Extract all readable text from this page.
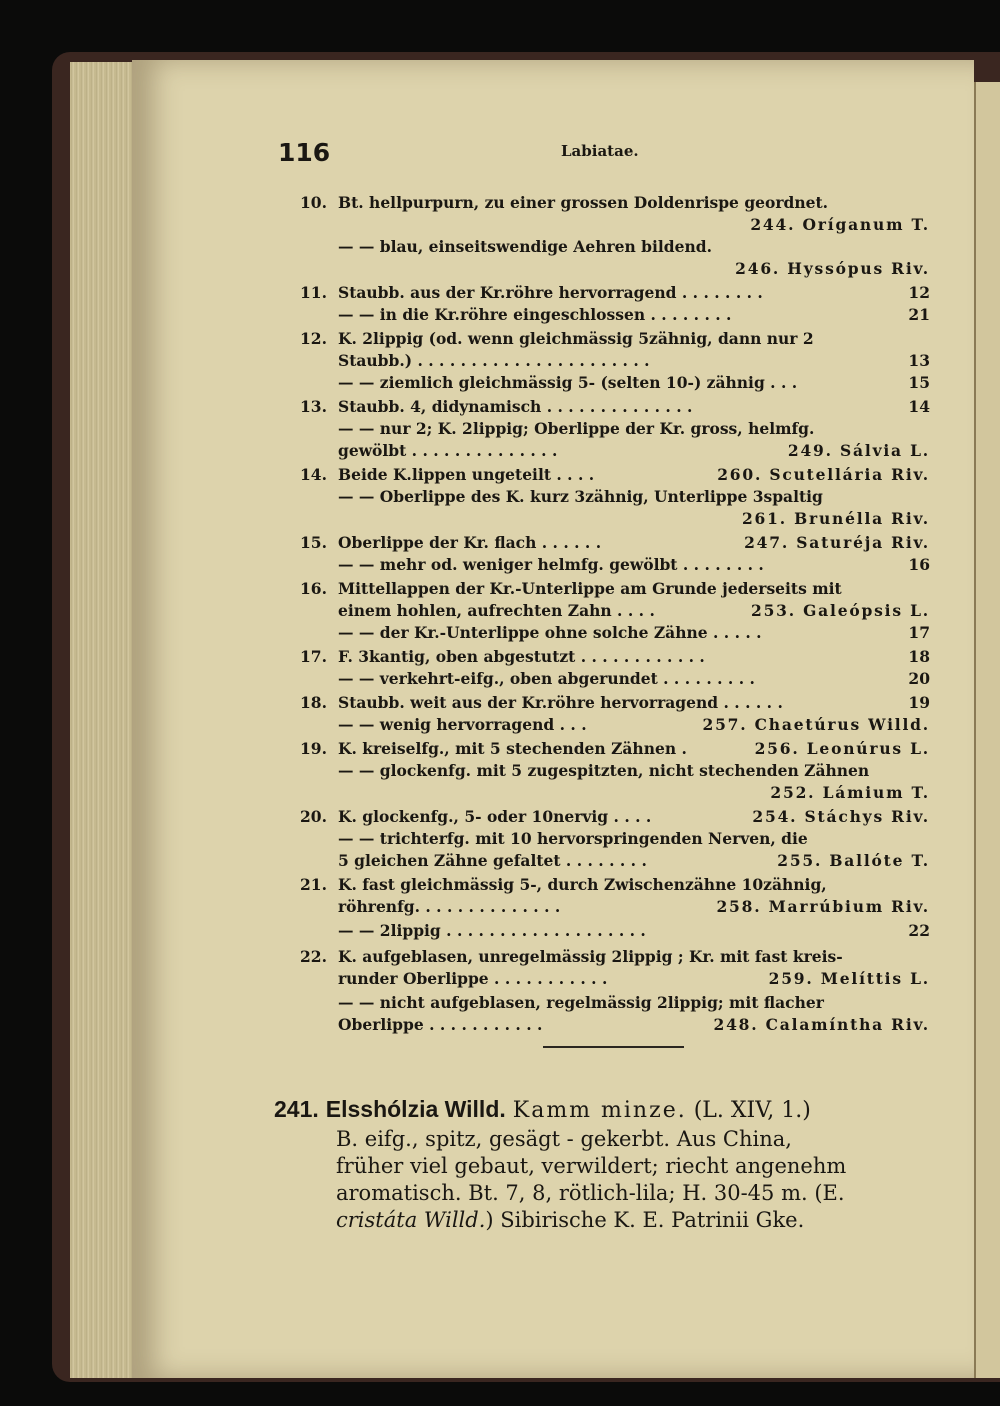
116	Labiatae.
10. Bt. hellpurpurn, zu einer grossen Doldenrispe geordnet.
244. Oríganum T.
— — blau, einseitswendige Aehren bildend.
246. Hyssópus Riv.
11. Staubb. aus der Kr.röhre hervorragend . . . . . . . .	12
— — in die Kr.röhre eingeschlossen . . . . . . . .	21
12. K. 2lippig (od. wenn gleichmässig 5zähnig, dann nur 2
Staubb.) . . . . . . . . . . . . . . . . . . . . . .	13
— — ziemlich gleichmässig 5- (selten 10-) zähnig . . .	15
13. Staubb. 4, didynamisch . . . . . . . . . . . . . .	14
— — nur 2; K. 2lippig; Oberlippe der Kr. gross, helmfg.
gewölbt . . . . . . . . . . . . . .	249. Sálvia L.
14. Beide K.lippen ungeteilt . . . .	260. Scutellária Riv.
— — Oberlippe des K. kurz 3zähnig, Unterlippe 3spaltig
261. Brunélla Riv.
15. Oberlippe der Kr. flach . . . . . .	247. Saturéja Riv.
— — mehr od. weniger helmfg. gewölbt . . . . . . . .	16
16. Mittellappen der Kr.-Unterlippe am Grunde jederseits mit
einem hohlen, aufrechten Zahn . . . .	253. Galeópsis L.
— — der Kr.-Unterlippe ohne solche Zähne . . . . .	17
17. F. 3kantig, oben abgestutzt . . . . . . . . . . . .	18
— — verkehrt-eifg., oben abgerundet . . . . . . . . .	20
18. Staubb. weit aus der Kr.röhre hervorragend . . . . . .	19
— — wenig hervorragend . . .	257. Chaetúrus Willd.
19. K. kreiselfg., mit 5 stechenden Zähnen .	256. Leonúrus L.
— — glockenfg. mit 5 zugespitzten, nicht stechenden Zähnen
252. Lámium T.
20. K. glockenfg., 5- oder 10nervig . . . .	254. Stáchys Riv.
— — trichterfg. mit 10 hervorspringenden Nerven, die
5 gleichen Zähne gefaltet . . . . . . . .	255. Ballóte T.
21. K. fast gleichmässig 5-, durch Zwischenzähne 10zähnig,
röhrenfg. . . . . . . . . . . . . .	258. Marrúbium Riv.
— — 2lippig . . . . . . . . . . . . . . . . . . .	22
22. K. aufgeblasen, unregelmässig 2lippig ; Kr. mit fast kreis-
runder Oberlippe . . . . . . . . . . .	259. Melíttis L.
— — nicht aufgeblasen, regelmässig 2lippig; mit flacher
Oberlippe . . . . . . . . . . .	248. Calamíntha Riv.
241. Elsshólzia Willd. Kamm minze. (L. XIV, 1.)
B. eifg., spitz, gesägt - gekerbt. Aus China,
früher viel gebaut, verwildert; riecht angenehm
aromatisch. Bt. 7, 8, rötlich-lila; H. 30-45 m. (E.
cristáta Willd.) Sibirische K. E. Patrinii Gke.
